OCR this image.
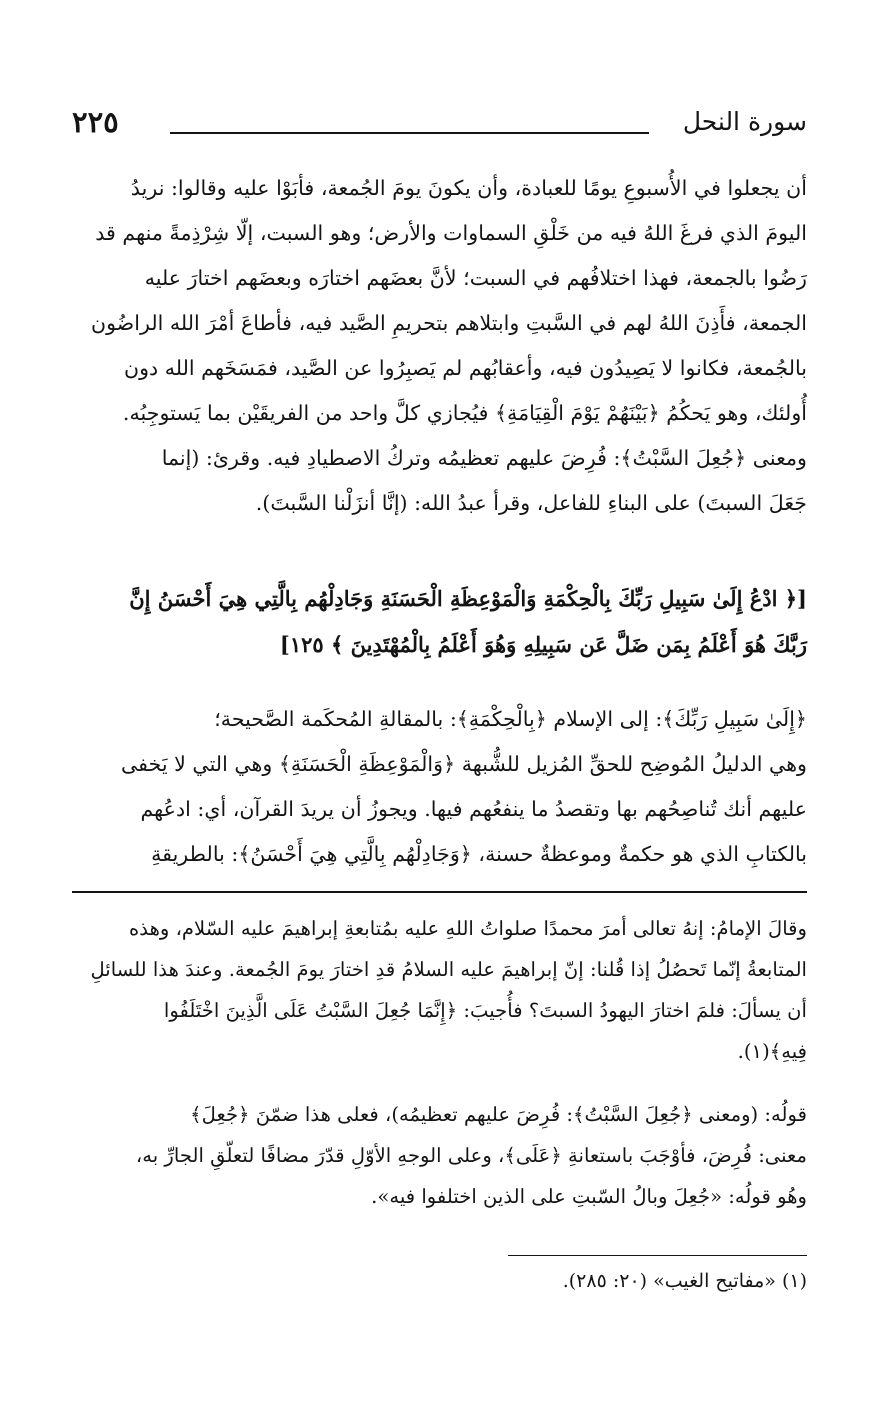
٢٢٥	سورة النحل
أن يجعلوا في الأُسبوعِ يومًا للعبادة، وأن يكونَ يومَ الجُمعة، فأبَوْا عليه وقالوا: نريدُ
اليومَ الذي فرغَ اللهُ فيه من خَلْقِ السماوات والأرض؛ وهو السبت، إلّا شِرْذِمةً منهم قد
رَضُوا بالجمعة، فهذا اختلافُهم في السبت؛ لأنَّ بعضَهم اختارَه وبعضَهم اختارَ عليه
الجمعة، فأَذِنَ اللهُ لهم في السَّبتِ وابتلاهم بتحريمِ الصَّيد فيه، فأطاعَ أمْرَ الله الراضُون
بالجُمعة، فكانوا لا يَصِيدُون فيه، وأعقابُهم لم يَصبِرُوا عن الصَّيد، فمَسَخَهم الله دون
أُولئك، وهو يَحكُمُ ﴿بَيْنَهُمْ يَوْمَ الْقِيَامَةِ﴾ فيُجازي كلَّ واحد من الفريقَيْن بما يَستوجِبُه.
ومعنى ﴿جُعِلَ السَّبْتُ﴾: فُرِضَ عليهم تعظيمُه وتركُ الاصطيادِ فيه. وقرئ: (إنما
جَعَلَ السبتَ) على البناءِ للفاعل، وقرأ عبدُ الله: (إنَّا أنزَلْنا السَّبتَ).
[﴿ ادْعُ إِلَىٰ سَبِيلِ رَبِّكَ بِالْحِكْمَةِ وَالْمَوْعِظَةِ الْحَسَنَةِ وَجَادِلْهُم بِالَّتِي هِيَ أَحْسَنُ إِنَّ
رَبَّكَ هُوَ أَعْلَمُ بِمَن ضَلَّ عَن سَبِيلِهِ وَهُوَ أَعْلَمُ بِالْمُهْتَدِينَ ﴾ ١٢٥]
﴿إِلَىٰ سَبِيلِ رَبِّكَ﴾: إلى الإسلام ﴿بِالْحِكْمَةِ﴾: بالمقالةِ المُحكَمة الصَّحيحة؛
وهي الدليلُ المُوضِح للحقِّ المُزيل للشُّبهة ﴿وَالْمَوْعِظَةِ الْحَسَنَةِ﴾ وهي التي لا يَخفى
عليهم أنك تُناصِحُهم بها وتقصدُ ما ينفعُهم فيها. ويجوزُ أن يريدَ القرآن، أي: ادعُهم
بالكتابِ الذي هو حكمةٌ وموعظةٌ حسنة، ﴿وَجَادِلْهُم بِالَّتِي هِيَ أَحْسَنُ﴾: بالطريقةِ
وقالَ الإمامُ: إنهُ تعالى أمرَ محمدًا صلواتُ اللهِ عليه بمُتابعةِ إبراهيمَ عليه السّلام، وهذه
المتابعةُ إنّما تَحصُلُ إذا قُلنا: إنّ إبراهيمَ عليه السلامُ قدِ اختارَ يومَ الجُمعة. وعندَ هذا للسائلِ
أن يسألَ: فلمَ اختارَ اليهودُ السبتَ؟ فأُجيبَ: ﴿إِنَّمَا جُعِلَ السَّبْتُ عَلَى الَّذِينَ اخْتَلَفُوا
فِيهِ﴾(١).
قولُه: (ومعنى ﴿جُعِلَ السَّبْتُ﴾: فُرِضَ عليهم تعظيمُه)، فعلى هذا ضمّنَ ﴿جُعِلَ﴾
معنى: فُرِضَ، فأوْجَبَ باستعانةِ ﴿عَلَى﴾، وعلى الوجهِ الأوّلِ قدّرَ مضافًا لتعلّقِ الجارِّ به،
وهُو قولُه: «جُعِلَ وبالُ السّبتِ على الذين اختلفوا فيه».
(١) «مفاتيح الغيب» (٢٠: ٢٨٥).
